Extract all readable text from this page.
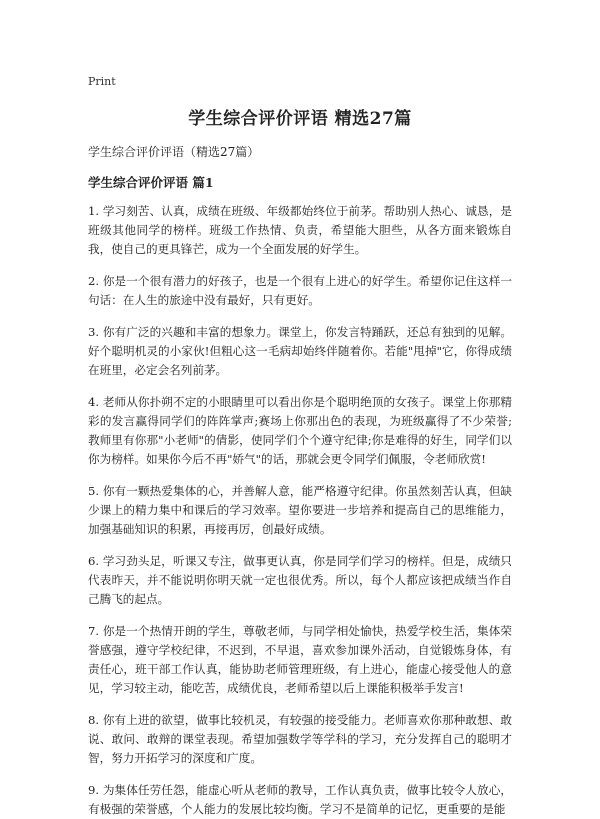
Print
学生综合评价评语 精选27篇
学生综合评价评语（精选27篇）
学生综合评价评语 篇1

1. 学习刻苦、认真，成绩在班级、年级都始终位于前茅。帮助别人热心、诚恳，是班级其他同学的榜样。班级工作热情、负责，希望能大胆些，从各方面来锻炼自我，使自己的更具锋芒，成为一个全面发展的好学生。

2. 你是一个很有潜力的好孩子，也是一个很有上进心的好学生。希望你记住这样一句话：在人生的旅途中没有最好，只有更好。

3. 你有广泛的兴趣和丰富的想象力。课堂上，你发言特踊跃，还总有独到的见解。好个聪明机灵的小家伙!但粗心这一毛病却始终伴随着你。若能"甩掉"它，你得成绩在班里，必定会名列前茅。

4. 老师从你扑朔不定的小眼睛里可以看出你是个聪明绝顶的女孩子。课堂上你那精彩的发言赢得同学们的阵阵掌声;赛场上你那出色的表现，为班级赢得了不少荣誉;教师里有你那"小老师"的倩影，使同学们个个遵守纪律;你是难得的好生，同学们以你为榜样。如果你今后不再"娇气"的话，那就会更令同学们佩服，令老师欣赏!

5. 你有一颗热爱集体的心，并善解人意，能严格遵守纪律。你虽然刻苦认真，但缺少课上的精力集中和课后的学习效率。望你要进一步培养和提高自己的思维能力，加强基础知识的积累，再接再厉，创最好成绩。

6. 学习劲头足，听课又专注，做事更认真，你是同学们学习的榜样。但是，成绩只代表昨天，并不能说明你明天就一定也很优秀。所以，每个人都应该把成绩当作自己腾飞的起点。

7. 你是一个热情开朗的学生，尊敬老师，与同学相处愉快，热爱学校生活，集体荣誉感强，遵守学校纪律，不迟到，不早退，喜欢参加课外活动，自觉锻炼身体，有责任心，班干部工作认真，能协助老师管理班级，有上进心，能虚心接受他人的意见，学习较主动，能吃苦，成绩优良，老师希望以后上课能积极举手发言!

8. 你有上进的欲望，做事比较机灵，有较强的接受能力。老师喜欢你那种敢想、敢说、敢问、敢辩的课堂表现。希望加强数学等学科的学习，充分发挥自己的聪明才智，努力开拓学习的深度和广度。

9. 为集体任劳任怨，能虚心听从老师的教导，工作认真负责，做事比较令人放心，有极强的荣誉感，个人能力的发展比较均衡。学习不是简单的记忆，更重要的是能
